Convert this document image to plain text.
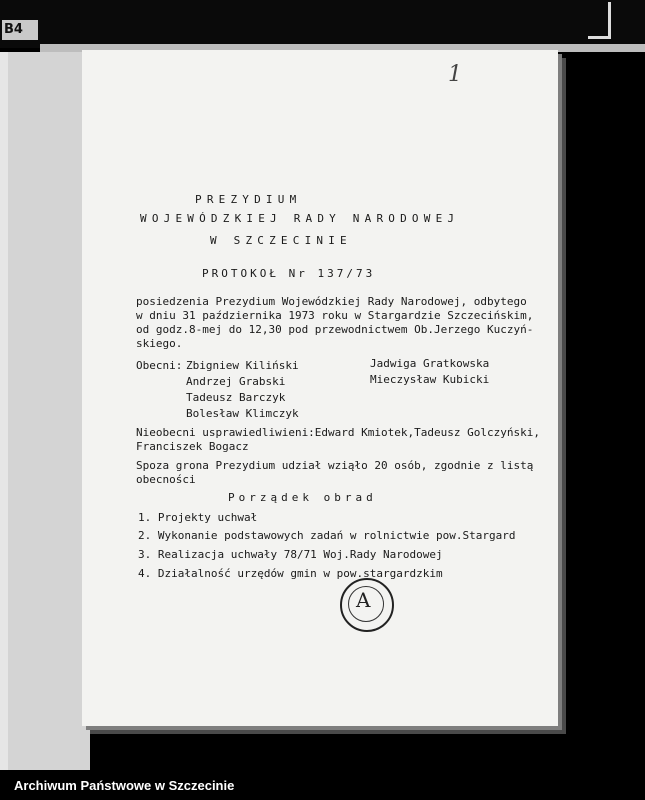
B4
1
PREZYDIUM
WOJEWÓDZKIEJ RADY NARODOWEJ
W SZCZECINIE
PROTOKOŁ Nr 137/73
posiedzenia Prezydium Wojewódzkiej Rady Narodowej, odbytego
w dniu 31 października 1973 roku w Stargardzie Szczecińskim,
od godz.8-mej do 12,30 pod przewodnictwem Ob.Jerzego Kuczyń-
skiego.
Obecni: Zbigniew Kiliński
Andrzej Grabski
Tadeusz Barczyk
Bolesław Klimczyk
Jadwiga Gratkowska
Mieczysław Kubicki
Nieobecni usprawiedliwieni:Edward Kmiotek,Tadeusz Golczyński,
Franciszek Bogacz
Spoza grona Prezydium udział wziąło 20 osób, zgodnie z listą
obecności
Porządek obrad
1. Projekty uchwał
2. Wykonanie podstawowych zadań w rolnictwie pow.Stargard
3. Realizacja uchwały 78/71 Woj.Rady Narodowej
4. Działalność urzędów gmin w pow.stargardzkim
A
Archiwum Państwowe w Szczecinie
